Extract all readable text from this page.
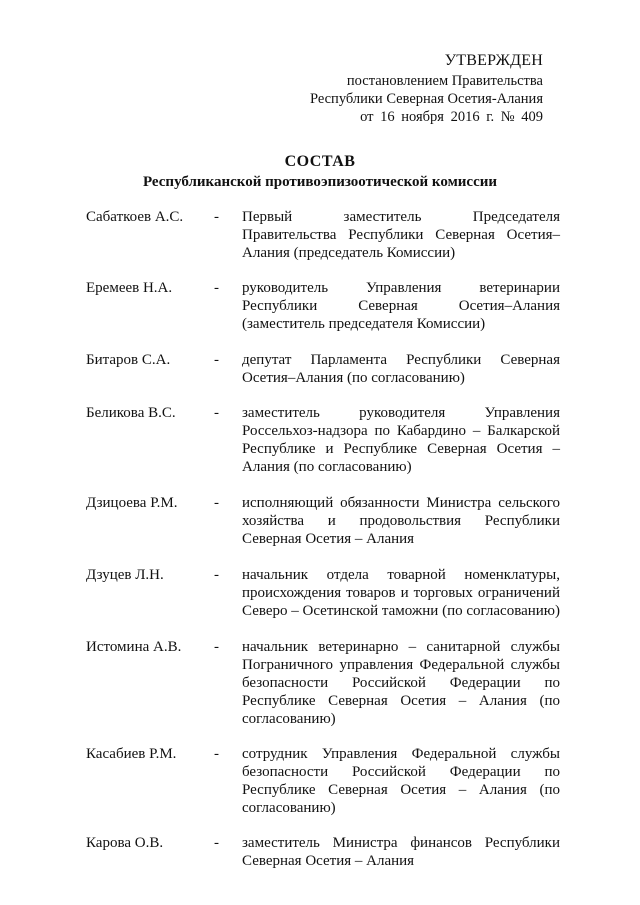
УТВЕРЖДЕН
постановлением Правительства
Республики Северная Осетия-Алания
от 16 ноября 2016 г. № 409
СОСТАВ
Республиканской противоэпизоотической комиссии
Сабаткоев А.С.	-	Первый заместитель Председателя Правительства Республики Северная Осетия–Алания (председатель Комиссии)
Еремеев Н.А.	-	руководитель Управления ветеринарии Республики Северная Осетия–Алания (заместитель председателя Комиссии)
Битаров С.А.	-	депутат Парламента Республики Северная Осетия–Алания (по согласованию)
Беликова В.С.	-	заместитель руководителя Управления Россельхоз-надзора по Кабардино – Балкарской Республике и Республике Северная Осетия – Алания (по согласованию)
Дзицоева Р.М.	-	исполняющий обязанности Министра сельского хозяйства и продовольствия Республики Северная Осетия – Алания
Дзуцев Л.Н.	-	начальник отдела товарной номенклатуры, происхождения товаров и торговых ограничений Северо – Осетинской таможни (по согласованию)
Истомина А.В.	-	начальник ветеринарно – санитарной службы Пограничного управления Федеральной службы безопасности Российской Федерации по Республике Северная Осетия – Алания (по согласованию)
Касабиев Р.М.	-	сотрудник Управления Федеральной службы безопасности Российской Федерации по Республике Северная Осетия – Алания (по согласованию)
Карова О.В.	-	заместитель Министра финансов Республики Северная Осетия – Алания
